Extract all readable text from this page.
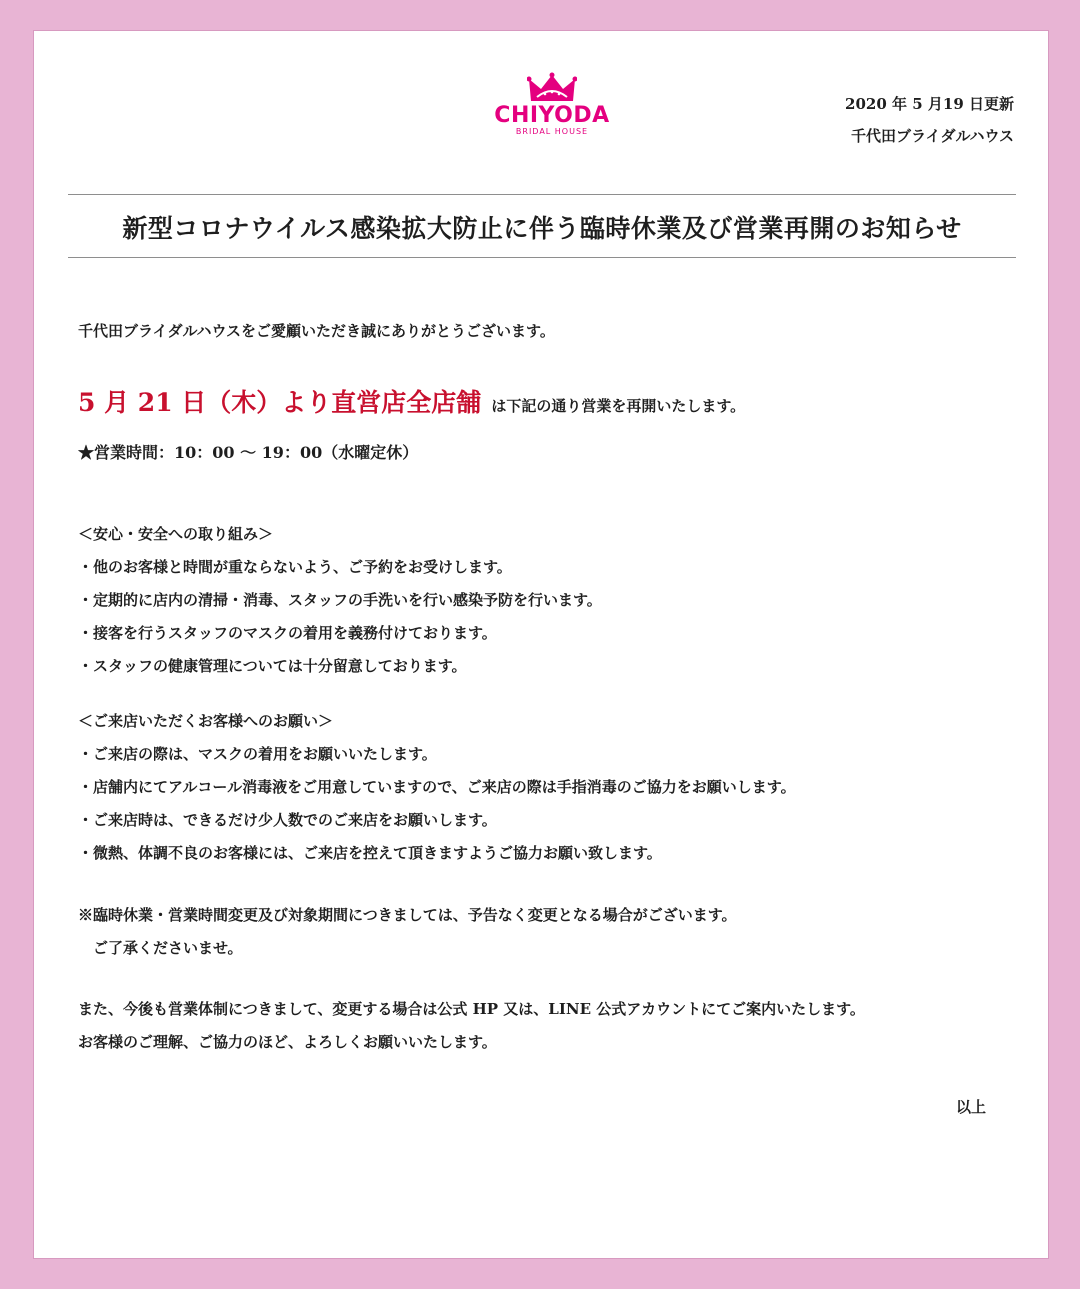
CHIYODA
BRIDAL HOUSE
2020 年 5 月19 日更新
千代田ブライダルハウス
新型コロナウイルス感染拡大防止に伴う臨時休業及び営業再開のお知らせ
千代田ブライダルハウスをご愛顧いただき誠にありがとうございます。
5 月 21 日（木）より直営店全店舗 は下記の通り営業を再開いたします。
★営業時間：10：00 〜 19：00（水曜定休）
＜安心・安全への取り組み＞
・他のお客様と時間が重ならないよう、ご予約をお受けします。
・定期的に店内の清掃・消毒、スタッフの手洗いを行い感染予防を行います。
・接客を行うスタッフのマスクの着用を義務付けております。
・スタッフの健康管理については十分留意しております。
＜ご来店いただくお客様へのお願い＞
・ご来店の際は、マスクの着用をお願いいたします。
・店舗内にてアルコール消毒液をご用意していますので、ご来店の際は手指消毒のご協力をお願いします。
・ご来店時は、できるだけ少人数でのご来店をお願いします。
・微熱、体調不良のお客様には、ご来店を控えて頂きますようご協力お願い致します。
※臨時休業・営業時間変更及び対象期間につきましては、予告なく変更となる場合がございます。
　ご了承くださいませ。
また、今後も営業体制につきまして、変更する場合は公式 HP 又は、LINE 公式アカウントにてご案内いたします。
お客様のご理解、ご協力のほど、よろしくお願いいたします。
以上
